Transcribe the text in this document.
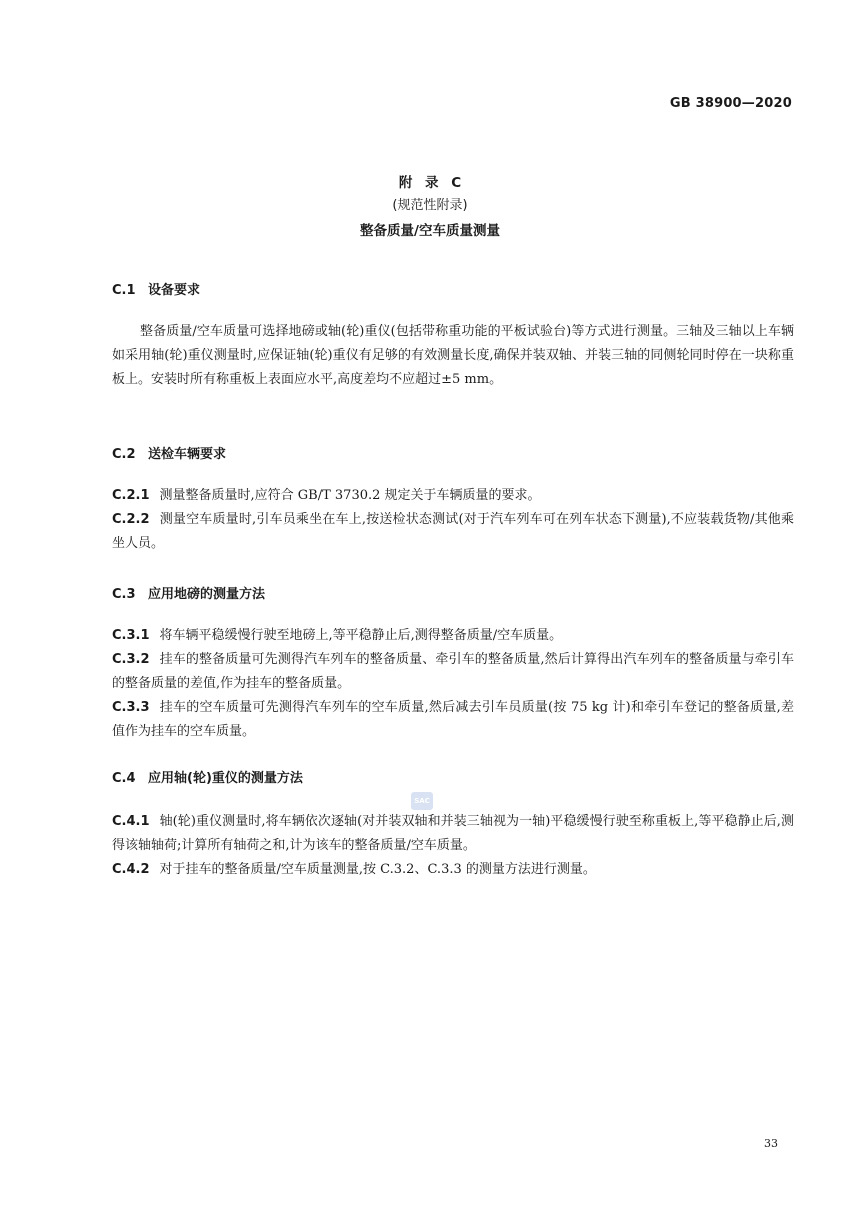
GB 38900—2020
附 录 C
(规范性附录)
整备质量/空车质量测量
C.1 设备要求
整备质量/空车质量可选择地磅或轴(轮)重仪(包括带称重功能的平板试验台)等方式进行测量。三轴及三轴以上车辆如采用轴(轮)重仪测量时,应保证轴(轮)重仪有足够的有效测量长度,确保并装双轴、并装三轴的同侧轮同时停在一块称重板上。安装时所有称重板上表面应水平,高度差均不应超过±5 mm。
C.2 送检车辆要求
C.2.1 测量整备质量时,应符合 GB/T 3730.2 规定关于车辆质量的要求。
C.2.2 测量空车质量时,引车员乘坐在车上,按送检状态测试(对于汽车列车可在列车状态下测量),不应装载货物/其他乘坐人员。
C.3 应用地磅的测量方法
C.3.1 将车辆平稳缓慢行驶至地磅上,等平稳静止后,测得整备质量/空车质量。
C.3.2 挂车的整备质量可先测得汽车列车的整备质量、牵引车的整备质量,然后计算得出汽车列车的整备质量与牵引车的整备质量的差值,作为挂车的整备质量。
C.3.3 挂车的空车质量可先测得汽车列车的空车质量,然后减去引车员质量(按 75 kg 计)和牵引车登记的整备质量,差值作为挂车的空车质量。
C.4 应用轴(轮)重仪的测量方法
SAC
C.4.1 轴(轮)重仪测量时,将车辆依次逐轴(对并装双轴和并装三轴视为一轴)平稳缓慢行驶至称重板上,等平稳静止后,测得该轴轴荷;计算所有轴荷之和,计为该车的整备质量/空车质量。
C.4.2 对于挂车的整备质量/空车质量测量,按 C.3.2、C.3.3 的测量方法进行测量。
33
